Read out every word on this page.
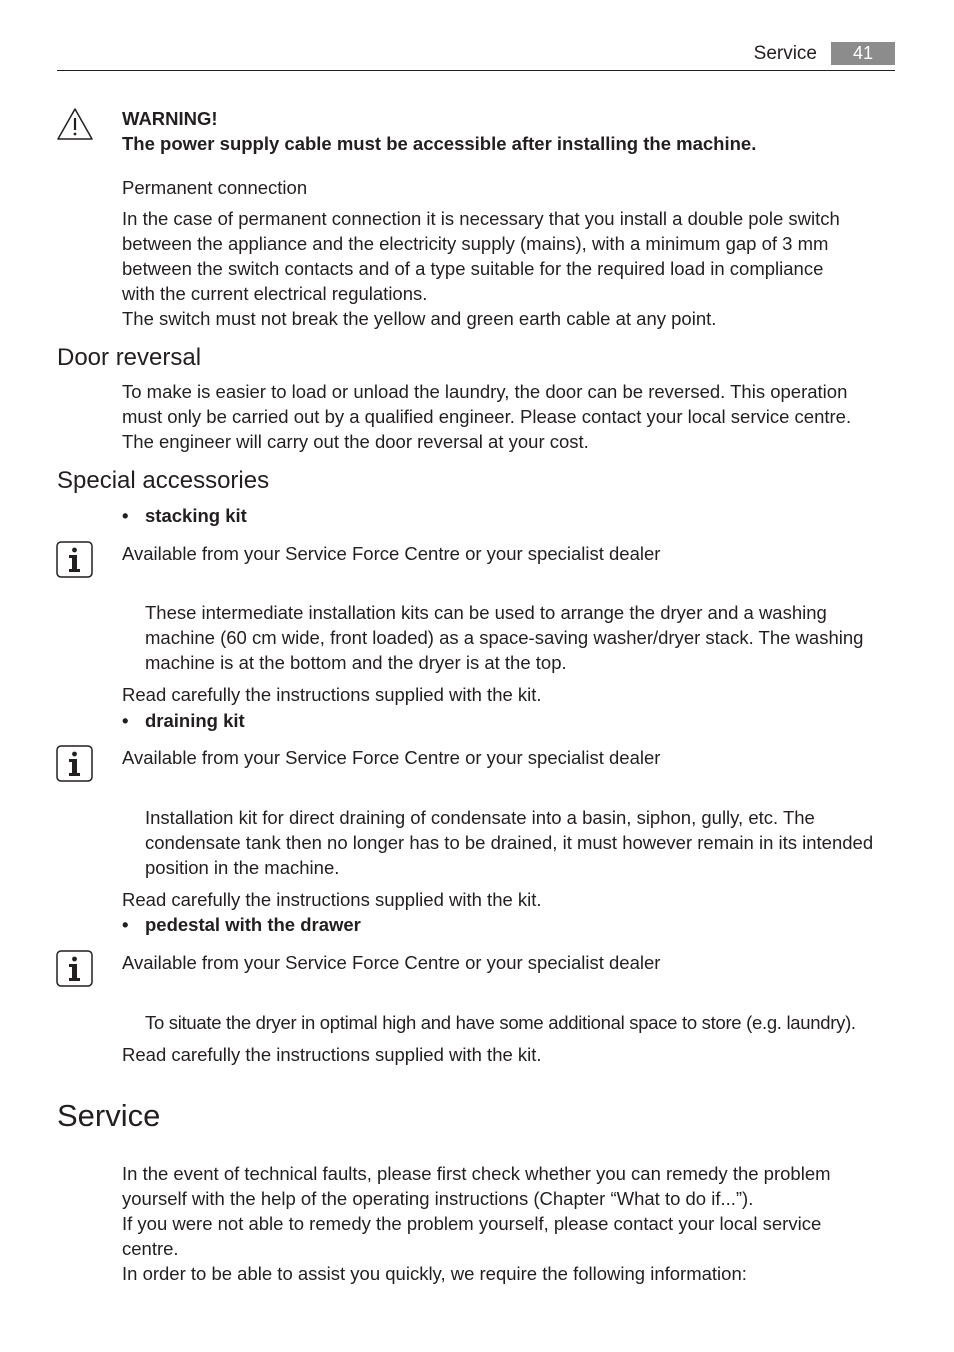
Service	41
WARNING!
The power supply cable must be accessible after installing the machine.
Permanent connection

In the case of permanent connection it is necessary that you install a double pole switch

between the appliance and the electricity supply (mains), with a minimum gap of 3 mm

between the switch contacts and of a type suitable for the required load in compliance

with the current electrical regulations.

The switch must not break the yellow and green earth cable at any point.

Door reversal

To make is easier to load or unload the laundry, the door can be reversed. This operation

must only be carried out by a qualified engineer. Please contact your local service centre.

The engineer will carry out the door reversal at your cost.

Special accessories
• stacking kit
Available from your Service Force Centre or your specialist dealer

These intermediate installation kits can be used to arrange the dryer and a washing

machine (60 cm wide, front loaded) as a space-saving washer/dryer stack. The washing

machine is at the bottom and the dryer is at the top.

Read carefully the instructions supplied with the kit.
• draining kit
Available from your Service Force Centre or your specialist dealer

Installation kit for direct draining of condensate into a basin, siphon, gully, etc. The

condensate tank then no longer has to be drained, it must however remain in its intended

position in the machine.

Read carefully the instructions supplied with the kit.
• pedestal with the drawer
Available from your Service Force Centre or your specialist dealer

To situate the dryer in optimal high and have some additional space to store (e.g. laundry).

Read carefully the instructions supplied with the kit.
Service

In the event of technical faults, please first check whether you can remedy the problem

yourself with the help of the operating instructions (Chapter “What to do if...”).

If you were not able to remedy the problem yourself, please contact your local service

centre.

In order to be able to assist you quickly, we require the following information:
